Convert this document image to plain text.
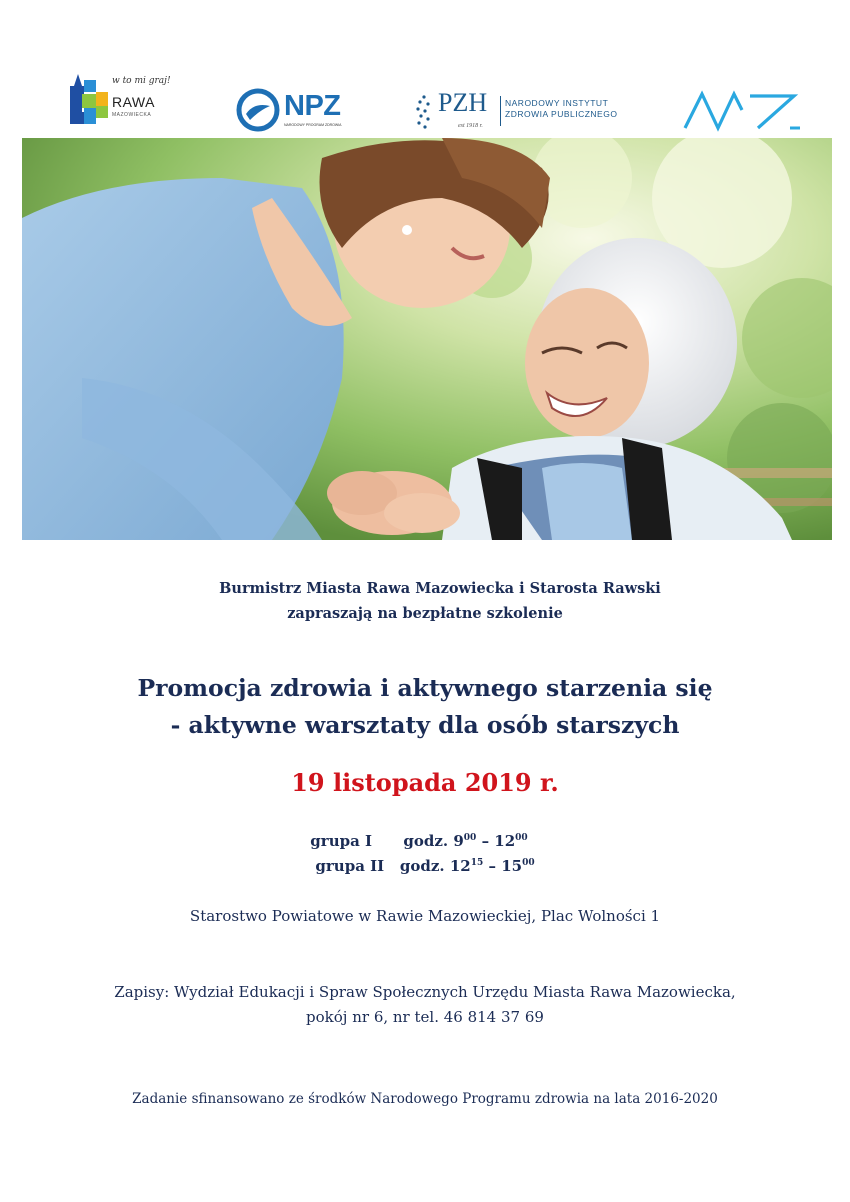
w to mi graj!
RAWA
MAZOWIECKA	NPZ
NARODOWY PROGRAM ZDROWIA
PZH
est 1918 r.
NARODOWY INSTYTUT
ZDROWIA PUBLICZNEGO
Burmistrz Miasta Rawa Mazowiecka i Starosta Rawski
zapraszają na bezpłatne szkolenie
Promocja zdrowia i aktywnego starzenia się
- aktywne warsztaty dla osób starszych
19 listopada 2019 r.
grupa I godz. $9^{00} - 12^{00}$
grupa II godz. $12^{15} - 15^{00}$
Starostwo Powiatowe w Rawie Mazowieckiej, Plac Wolności 1
Zapisy: Wydział Edukacji i Spraw Społecznych Urzędu Miasta Rawa Mazowiecka,
pokój nr 6, nr tel. 46 814 37 69
Zadanie sfinansowano ze środków Narodowego Programu zdrowia na lata 2016-2020
